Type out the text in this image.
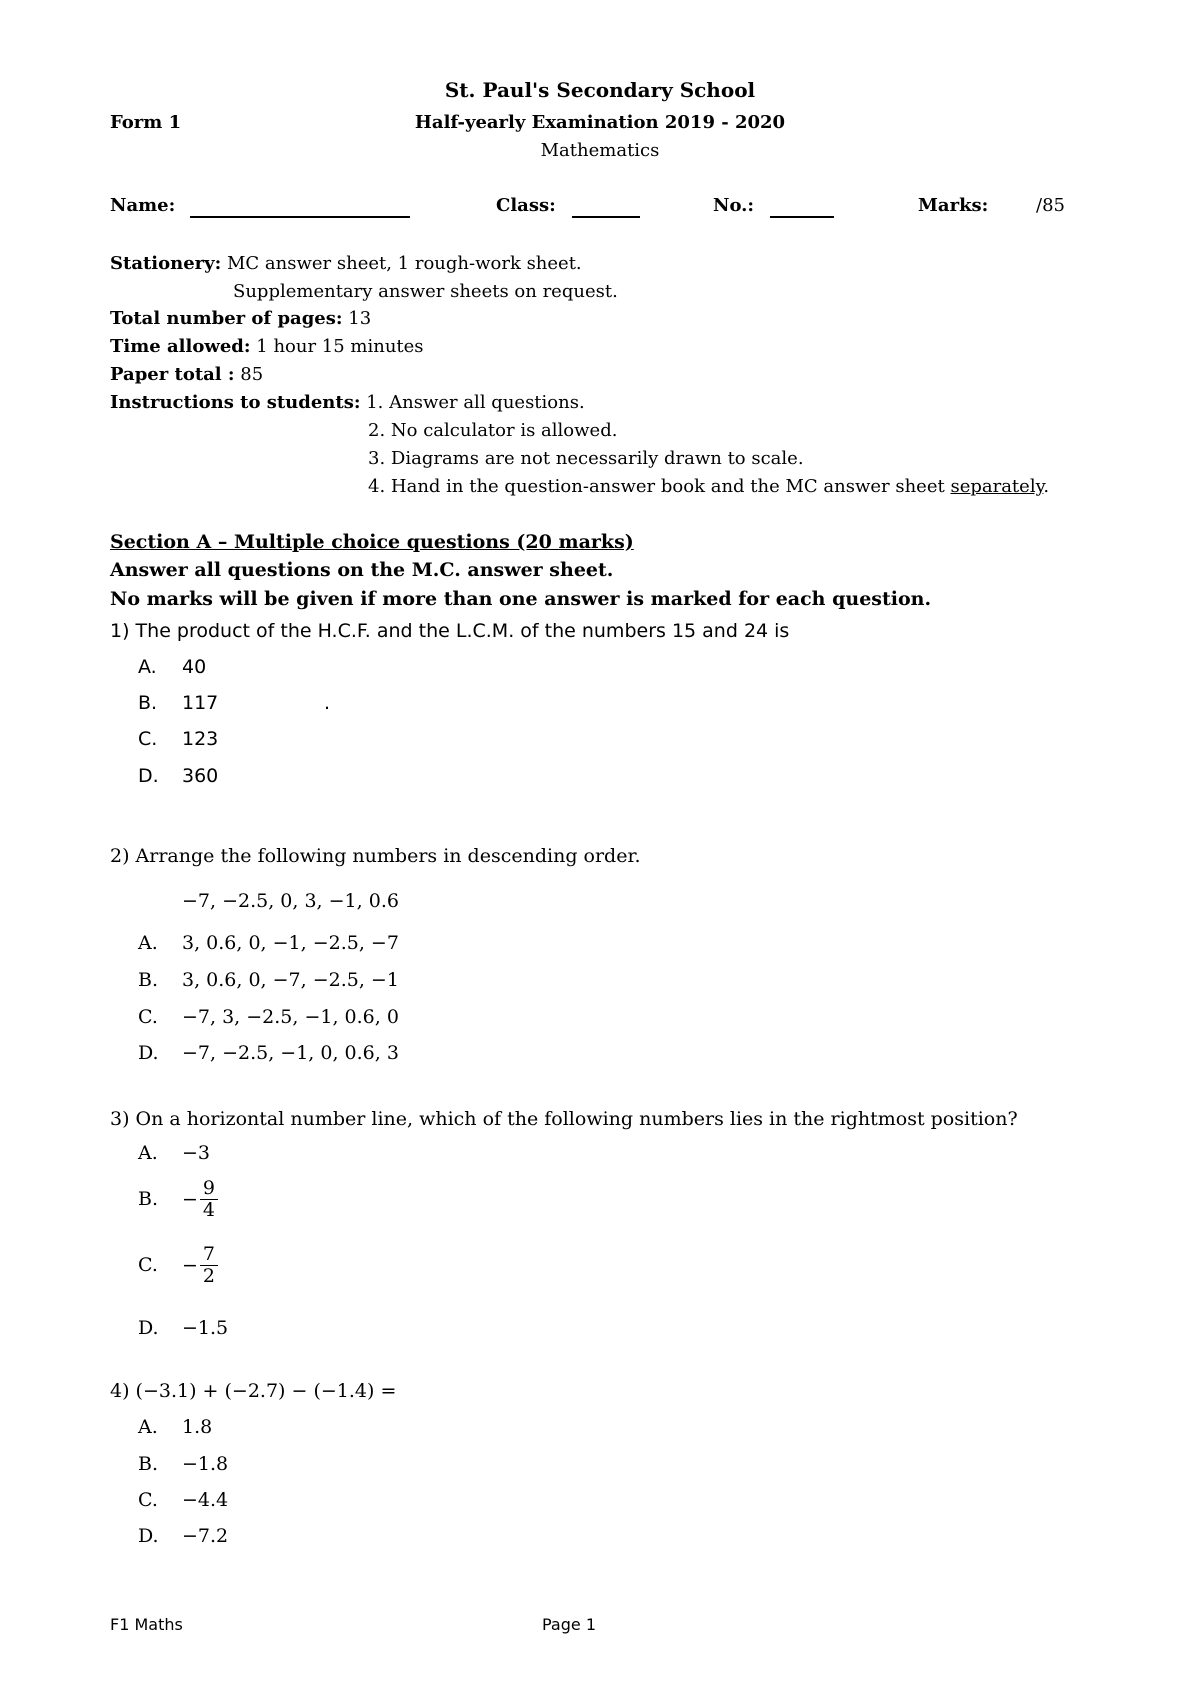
St. Paul's Secondary School
Form 1	Half-yearly Examination 2019 - 2020
Mathematics
Name:	Class:	No.:	Marks:	/85
Stationery: MC answer sheet, 1 rough-work sheet.
Supplementary answer sheets on request.
Total number of pages: 13
Time allowed: 1 hour 15 minutes
Paper total : 85
Instructions to students: 1. Answer all questions.
2. No calculator is allowed.
3. Diagrams are not necessarily drawn to scale.
4. Hand in the question-answer book and the MC answer sheet separately.
Section A – Multiple choice questions (20 marks)
Answer all questions on the M.C. answer sheet.
No marks will be given if more than one answer is marked for each question.
1) The product of the H.C.F. and the L.C.M. of the numbers 15 and 24 is
A. 40
B. 117	.
C. 123
D. 360
2) Arrange the following numbers in descending order.
−7, −2.5, 0, 3, −1, 0.6
A. 3, 0.6, 0, −1, −2.5, −7
B. 3, 0.6, 0, −7, −2.5, −1
C. −7, 3, −2.5, −1, 0.6, 0
D. −7, −2.5, −1, 0, 0.6, 3
3) On a horizontal number line, which of the following numbers lies in the rightmost position?
A. −3
B. − $\frac{9}{4}$
C. − $\frac{7}{2}$
D. −1.5
4) (−3.1) + (−2.7) − (−1.4) =
A. 1.8
B. −1.8
C. −4.4
D. −7.2
F1 Maths	Page 1
